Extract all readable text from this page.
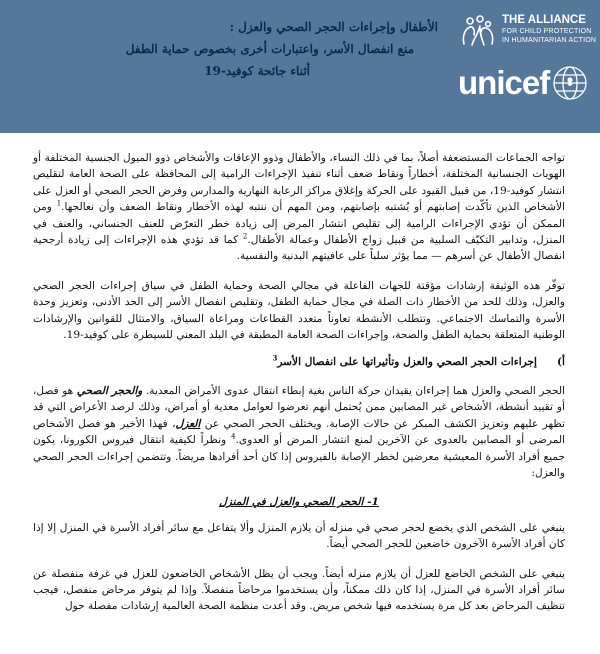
الأطفال وإجراءات الحجر الصحي والعزل :
منع انفصال الأسر، واعتبارات أخرى بخصوص حماية الطفل
أثناء جائحة كوفيد-19
THE ALLIANCE
FOR CHILD PROTECTION
IN HUMANITARIAN ACTION
unicef

تواجه الجماعات المستضعفة أصلاً، بما في ذلك النساء، والأطفال وذوو الإعاقات والأشخاص ذوو الميول الجنسية المختلفة أو الهويات الجنسانية المختلفة، أخطاراً ونقاط ضعف أثناء تنفيذ الإجراءات الرامية إلى المحافظة على الصحة العامة لتقليص انتشار كوفيد-19، من قبيل القيود على الحركة وإغلاق مراكز الرعاية النهارية والمدارس وفرض الحجر الصحي أو العزل على الأشخاص الذين تأكّدت إصابتهم أو يُشتبه بإصابتهم، ومن المهم أن ننتبه لهذه الأخطار ونقاط الضعف وأن نعالجها.$^1$ ومن الممكن أن تؤدي الإجراءات الرامية إلى تقليص انتشار المرض إلى زيادة خطر التعرّض للعنف الجنساني، والعنف في المنزل، وتدابير التكيّف السلبية من قبيل زواج الأطفال وعمالة الأطفال.$^2$ كما قد تؤدي هذه الإجراءات إلى زيادة أرجحية انفصال الأطفال عن أسرهم — مما يؤثر سلباً على عافيتهم البدنية والنفسية.

توفّر هذه الوثيقة إرشادات مؤقتة للجهات الفاعلة في مجالي الصحة وحماية الطفل في سياق إجراءات الحجر الصحي والعزل، وذلك للحد من الأخطار ذات الصلة في مجال حماية الطفل، وتقليص انفصال الأسر إلى الحد الأدنى، وتعزيز وحدة الأسرة والتماسك الاجتماعي. وتتطلب الأنشطة تعاوناً متعدد القطاعات ومراعاة السياق، والامتثال للقوانين والإرشادات الوطنية المتعلقة بحماية الطفل والصحة، وإجراءات الصحة العامة المطبقة في البلد المعني للسيطرة على كوفيد-19.

أ)إجراءات الحجر الصحي والعزل وتأثيراتها على انفصال الأسر$^3$

الحجر الصحي والعزل هما إجراءان يقيدان حركة الناس بغية إبطاء انتقال عدوى الأمراض المعدية. والحجر الصحي هو فصل، أو تقييد أنشطة، الأشخاص غير المصابين ممن يُحتمل أنهم تعرضوا لعوامل معدية أو أمراض، وذلك لرصد الأعراض التي قد تظهر عليهم وتعزيز الكشف المبكر عن حالات الإصابة. ويختلف الحجر الصحي عن العزل، فهذا الأخير هو فصل الأشخاص المرضى أو المصابين بالعدوى عن الآخرين لمنع انتشار المرض أو العدوى.$^4$ ونظراً لكيفية انتقال فيروس الكورونا، يكون جميع أفراد الأسرة المعيشية معرضين لخطر الإصابة بالفيروس إذا كان أحد أفرادها مريضاً. وتتضمن إجراءات الحجر الصحي والعزل:

1- الحجر الصحي والعزل في المنزل

ينبغي على الشخص الذي يخضع لحجر صحي في منزله أن يلازم المنزل وألا يتفاعل مع سائر أفراد الأسرة في المنزل إلا إذا كان أفراد الأسرة الآخرون خاضعين للحجر الصحي أيضاً.

ينبغي على الشخص الخاضع للعزل أن يلازم منزله أيضاً. ويجب أن يظل الأشخاص الخاضعون للعزل في غرفة منفصلة عن سائر أفراد الأسرة في المنزل، إذا كان ذلك ممكناً، وأن يستخدموا مرحاضاً منفصلاً. وإذا لم يتوفر مرحاض منفصل، فيجب تنظيف المرحاض بعد كل مرة يستخدمه فيها شخص مريض. وقد أعدت منظمة الصحة العالمية إرشادات مفصلة حول
